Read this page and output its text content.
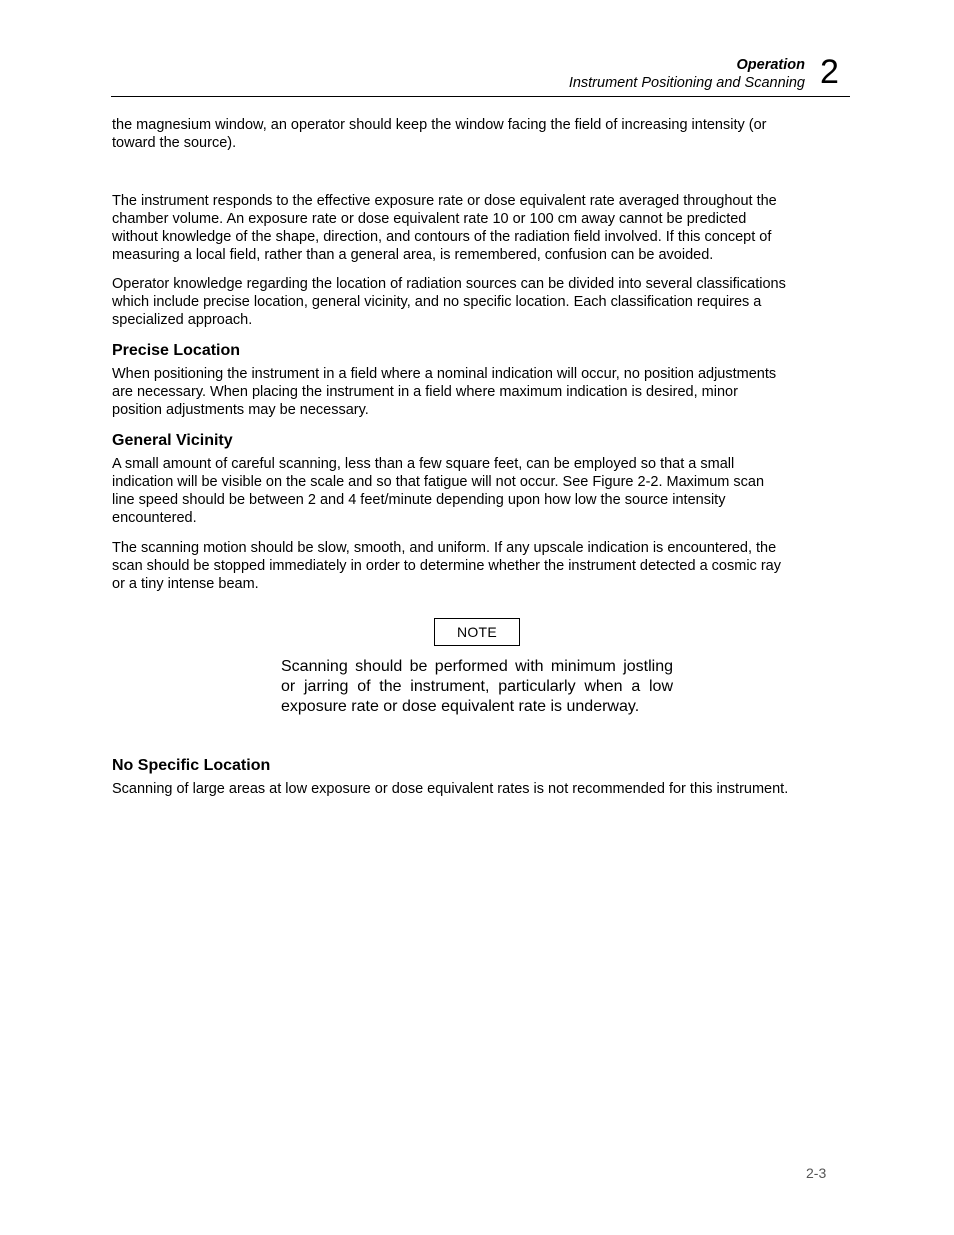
Operation
Instrument Positioning and Scanning 2

the magnesium window, an operator should keep the window facing the field of increasing intensity (or
toward the source).

The instrument responds to the effective exposure rate or dose equivalent rate averaged throughout the
chamber volume. An exposure rate or dose equivalent rate 10 or 100 cm away cannot be predicted
without knowledge of the shape, direction, and contours of the radiation field involved. If this concept of
measuring a local field, rather than a general area, is remembered, confusion can be avoided.

Operator knowledge regarding the location of radiation sources can be divided into several classifications
which include precise location, general vicinity, and no specific location. Each classification requires a
specialized approach.

Precise Location

When positioning the instrument in a field where a nominal indication will occur, no position adjustments
are necessary. When placing the instrument in a field where maximum indication is desired, minor
position adjustments may be necessary.

General Vicinity

A small amount of careful scanning, less than a few square feet, can be employed so that a small
indication will be visible on the scale and so that fatigue will not occur. See Figure 2-2. Maximum scan
line speed should be between 2 and 4 feet/minute depending upon how low the source intensity
encountered.

The scanning motion should be slow, smooth, and uniform. If any upscale indication is encountered, the
scan should be stopped immediately in order to determine whether the instrument detected a cosmic ray
or a tiny intense beam.

NOTE

Scanning should be performed with minimum jostling or jarring of the instrument, particularly when a low exposure rate or dose equivalent rate is underway.

No Specific Location

Scanning of large areas at low exposure or dose equivalent rates is not recommended for this instrument.

2-3
